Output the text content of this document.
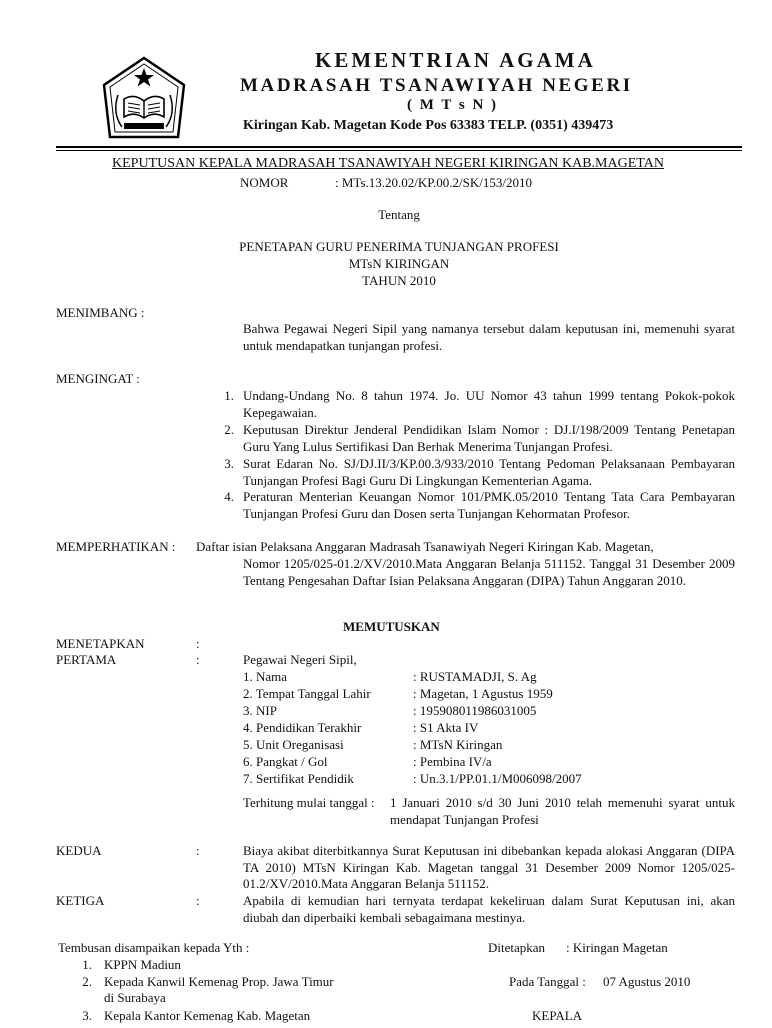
KEMENTRIAN AGAMA
MADRASAH TSANAWIYAH NEGERI
( M T s N )
Kiringan Kab. Magetan Kode Pos 63383 TELP. (0351) 439473
KEPUTUSAN KEPALA MADRASAH TSANAWIYAH NEGERI KIRINGAN KAB.MAGETAN
NOMOR	: MTs.13.20.02/KP.00.2/SK/153/2010
Tentang
PENETAPAN GURU PENERIMA TUNJANGAN PROFESI
MTsN KIRINGAN
TAHUN 2010
MENIMBANG :
Bahwa Pegawai Negeri Sipil yang namanya tersebut dalam keputusan ini, memenuhi syarat untuk mendapatkan tunjangan profesi.
MENGINGAT :
1. Undang-Undang No. 8 tahun 1974. Jo. UU Nomor 43 tahun 1999 tentang Pokok-pokok Kepegawaian.
2. Keputusan Direktur Jenderal Pendidikan Islam Nomor : DJ.I/198/2009 Tentang Penetapan Guru Yang Lulus Sertifikasi Dan Berhak Menerima Tunjangan Profesi.
3. Surat Edaran No. SJ/DJ.II/3/KP.00.3/933/2010 Tentang Pedoman Pelaksanaan Pembayaran Tunjangan Profesi Bagi Guru Di Lingkungan Kementerian Agama.
4. Peraturan Menterian Keuangan Nomor 101/PMK.05/2010 Tentang Tata Cara Pembayaran Tunjangan Profesi Guru dan Dosen serta Tunjangan Kehormatan Profesor.
MEMPERHATIKAN : Daftar isian Pelaksana Anggaran Madrasah Tsanawiyah Negeri Kiringan Kab. Magetan,
Nomor 1205/025-01.2/XV/2010.Mata Anggaran Belanja 511152. Tanggal 31 Desember 2009 Tentang Pengesahan Daftar Isian Pelaksana Anggaran (DIPA) Tahun Anggaran 2010.
MEMUTUSKAN
MENETAPKAN	:
PERTAMA	:	Pegawai Negeri Sipil,
1. Nama	: RUSTAMADJI, S. Ag
2. Tempat Tanggal Lahir	: Magetan, 1 Agustus 1959
3. NIP	: 195908011986031005
4. Pendidikan Terakhir	: S1 Akta IV
5. Unit Oreganisasi	: MTsN Kiringan
6. Pangkat / Gol	: Pembina IV/a
7. Sertifikat Pendidik	: Un.3.1/PP.01.1/M006098/2007
Terhitung mulai tanggal : 1 Januari 2010 s/d 30 Juni 2010 telah memenuhi syarat untuk mendapat Tunjangan Profesi
KEDUA	:	Biaya akibat diterbitkannya Surat Keputusan ini dibebankan kepada alokasi Anggaran (DIPA TA 2010) MTsN Kiringan Kab. Magetan tanggal 31 Desember 2009 Nomor 1205/025-01.2/XV/2010.Mata Anggaran Belanja 511152.
KETIGA	:	Apabila di kemudian hari ternyata terdapat kekeliruan dalam Surat Keputusan ini, akan diubah dan diperbaiki kembali sebagaimana mestinya.
Tembusan disampaikan kepada Yth :	Ditetapkan : Kiringan Magetan
1. KPPN Madiun
2. Kepada Kanwil Kemenag Prop. Jawa Timur
di Surabaya
Pada Tanggal : 07 Agustus 2010
3. Kepala Kantor Kemenag Kab. Magetan	KEPALA
